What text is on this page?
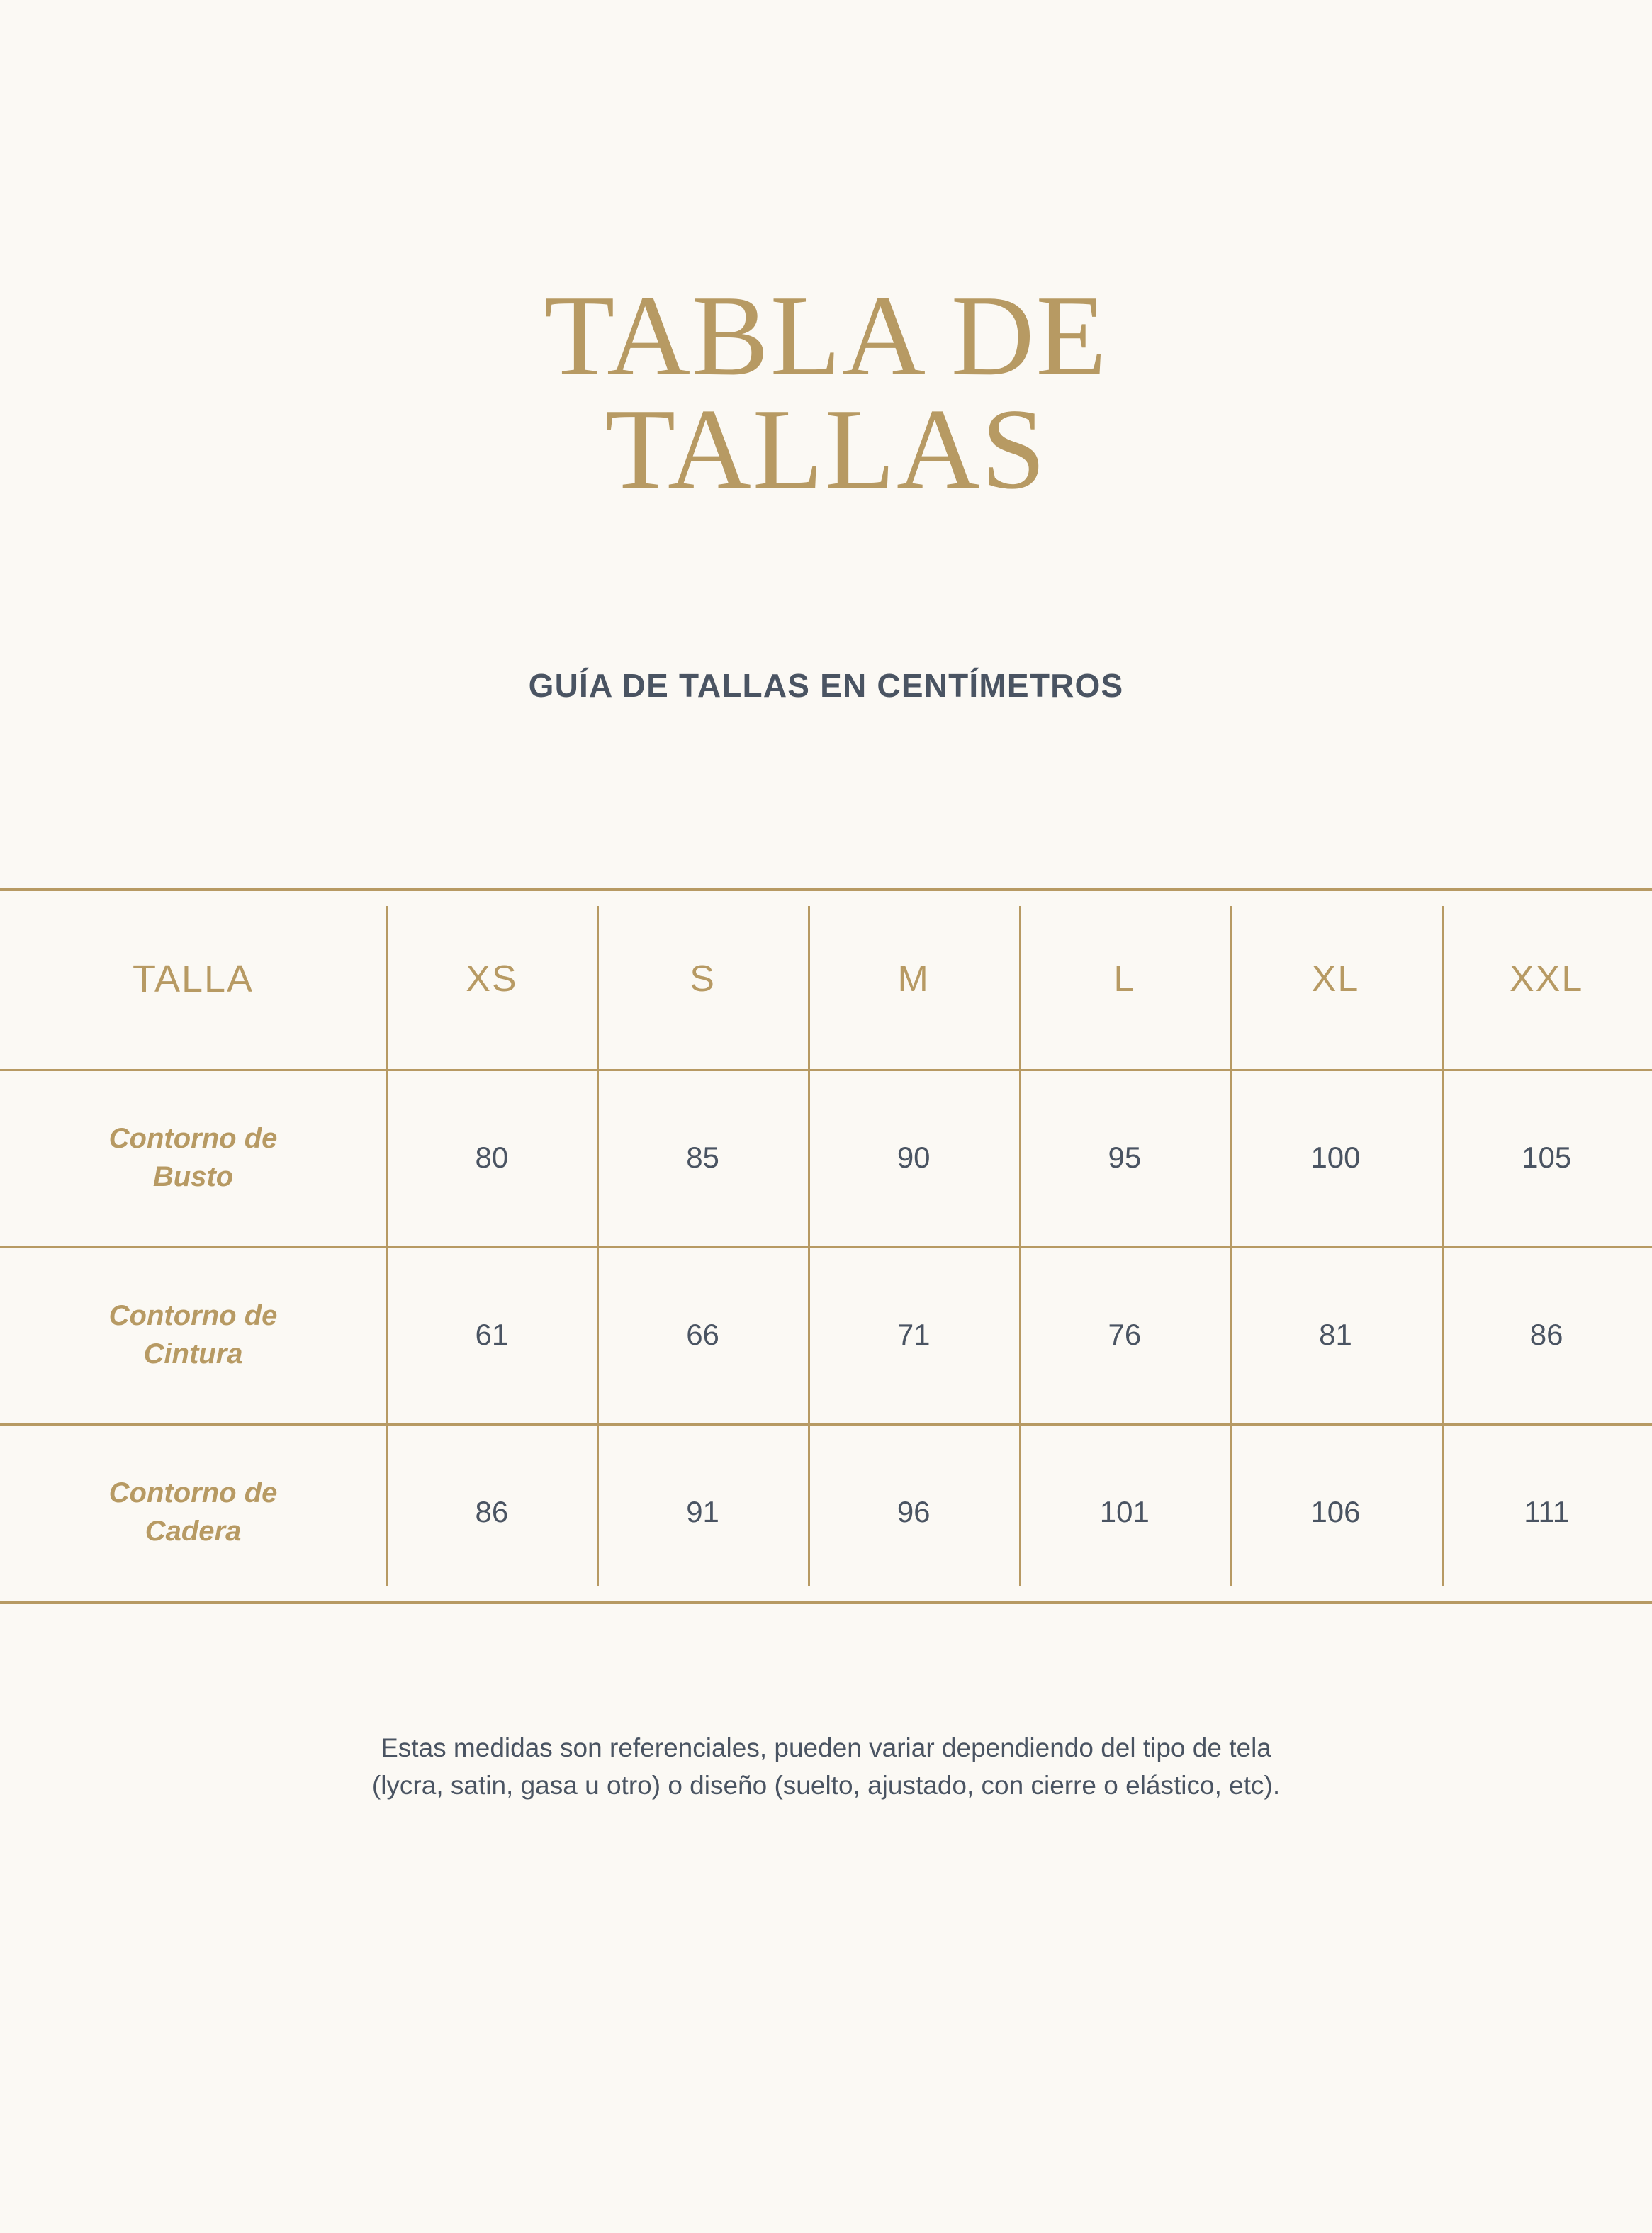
TABLA DE
TALLAS
GUÍA DE TALLAS EN CENTÍMETROS
TALLA	XS	S	M	L	XL	XXL

Contorno de
Busto	80	85	90	95	100	105

Contorno de
Cintura	61	66	71	76	81	86

Contorno de
Cadera	86	91	96	101	106	111
Estas medidas son referenciales, pueden variar dependiendo del tipo de tela
(lycra, satin, gasa u otro) o diseño (suelto, ajustado, con cierre o elástico, etc).
